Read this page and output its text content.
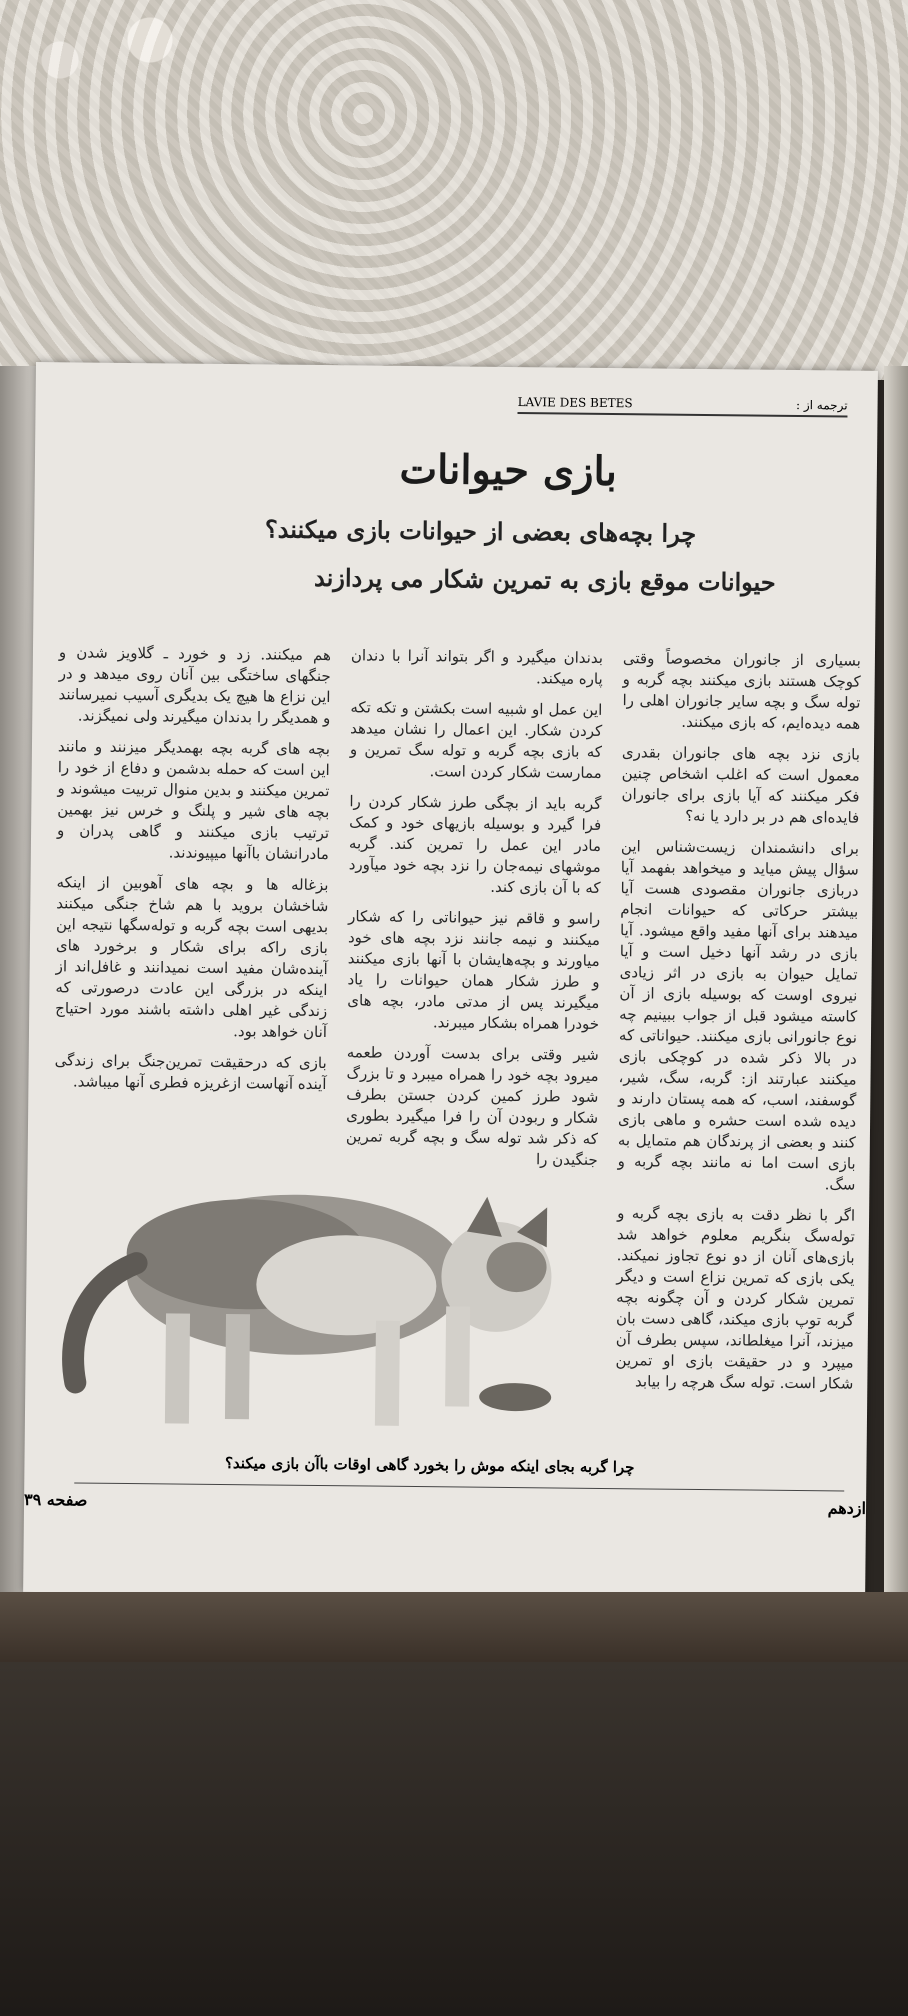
LAVIE DES BETES	ترجمه از :
بازی حیوانات
چرا بچه‌های بعضی از حیوانات بازی میکنند؟
حیوانات موقع بازی به تمرین شکار می پردازند

بسیاری از جانوران مخصوصاً وقتی کوچک هستند بازی میکنند بچه گربه و توله سگ و بچه سایر جانوران اهلی را همه دیده‌ایم، که بازی میکنند.

بازی نزد بچه های جانوران بقدری معمول است که اغلب اشخاص چنین فکر میکنند که آیا بازی برای جانوران فایده‌ای هم در بر دارد یا نه؟

برای دانشمندان زیست‌شناس این سؤال پیش میاید و میخواهد بفهمد آیا دربازی جانوران مقصودی هست آیا بیشتر حرکاتی که حیوانات انجام میدهند برای آنها مفید واقع میشود. آیا بازی در رشد آنها دخیل است و آیا تمایل حیوان به بازی در اثر زیادی نیروی اوست که بوسیله بازی از آن کاسته میشود قبل از جواب ببینیم چه نوع جانورانی بازی میکنند. حیواناتی که در بالا ذکر شده در کوچکی بازی میکنند عبارتند از: گربه، سگ، شیر، گوسفند، اسب، که همه پستان دارند و دیده شده است حشره و ماهی بازی کنند و بعضی از پرندگان هم متمایل به بازی است اما نه مانند بچه گربه و سگ.

اگر با نظر دقت به بازی بچه گربه و توله‌سگ بنگریم معلوم خواهد شد بازی‌های آنان از دو نوع تجاوز نمیکند. یکی بازی که تمرین نزاع است و دیگر تمرین شکار کردن و آن چگونه بچه گربه توپ بازی میکند، گاهی دست بان میزند، آنرا میغلطاند، سپس بطرف آن میپرد و در حقیقت بازی او تمرین شکار است. توله سگ هرچه را بیابد

بدندان میگیرد و اگر بتواند آنرا با دندان پاره میکند.

این عمل او شبیه است بکشتن و تکه تکه کردن شکار. این اعمال را نشان میدهد که بازی بچه گربه و توله سگ تمرین و ممارست شکار کردن است.

گربه باید از بچگی طرز شکار کردن را فرا گیرد و بوسیله بازیهای خود و کمک مادر این عمل را تمرین کند. گربه موشهای نیمه‌جان را نزد بچه خود میآورد که با آن بازی کند.

راسو و قاقم نیز حیواناتی را که شکار میکنند و نیمه جانند نزد بچه های خود میاورند و بچه‌هایشان با آنها بازی میکنند و طرز شکار همان حیوانات را یاد میگیرند پس از مدتی مادر، بچه های خودرا همراه بشکار میبرند.

شیر وقتی برای بدست آوردن طعمه میرود بچه خود را همراه میبرد و تا بزرگ شود طرز کمین کردن جستن بطرف شکار و ربودن آن را فرا میگیرد بطوری که ذکر شد توله سگ و بچه گربه تمرین جنگیدن را

هم میکنند. زد و خورد ـ گلاویز شدن و جنگهای ساختگی بین آنان روی میدهد و در این نزاع ها هیچ یک بدیگری آسیب نمیرسانند و همدیگر را بدندان میگیرند ولی نمیگزند.

بچه های گربه بچه بهمدیگر میزنند و مانند این است که حمله بدشمن و دفاع از خود را تمرین میکنند و بدین منوال تربیت میشوند و بچه های شیر و پلنگ و خرس نیز بهمین ترتیب بازی میکنند و گاهی پدران و مادرانشان باآنها میپیوندند.

بزغاله ها و بچه های آهو‌بین از اینکه شاخشان بروید با هم شاخ جنگی میکنند بدیهی است بچه گربه و توله‌سگها نتیجه این بازی راکه برای شکار و برخورد های آینده‌شان مفید است نمیدانند و غافل‌اند از اینکه در بزرگی این عادت درصورتی که زندگی غیر اهلی داشته باشند مورد احتیاج آنان خواهد بود.

بازی که درحقیقت تمرین‌جنگ برای زندگی آینده آنهاست ازغریزه فطری آنها میباشد.

چرا گربه بجای اینکه موش را بخورد گاهی اوقات باآن بازی میکند؟
صفحه ۳۹	ازدهم
